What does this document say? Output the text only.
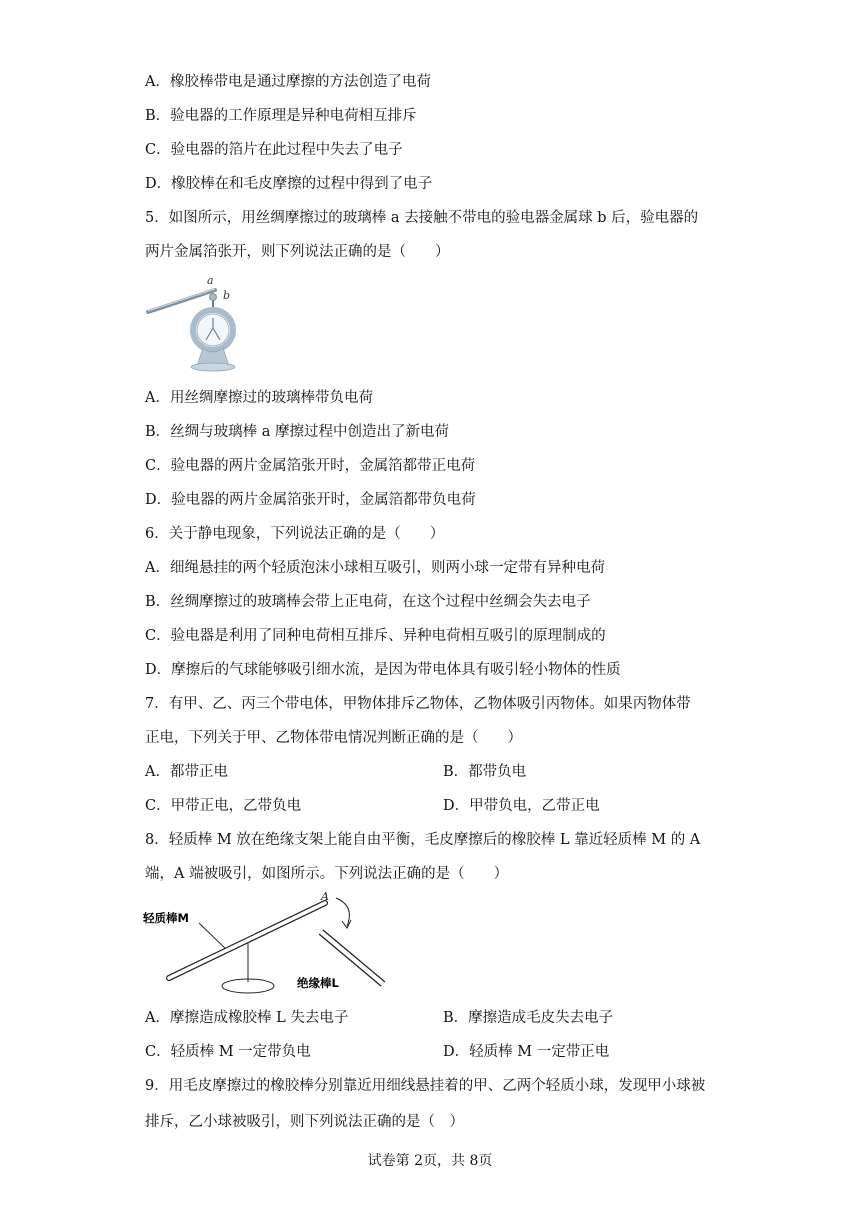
A．橡胶棒带电是通过摩擦的方法创造了电荷
B．验电器的工作原理是异种电荷相互排斥
C．验电器的箔片在此过程中失去了电子
D．橡胶棒在和毛皮摩擦的过程中得到了电子
5．如图所示，用丝绸摩擦过的玻璃棒 a 去接触不带电的验电器金属球 b 后，验电器的
两片金属箔张开，则下列说法正确的是（　　）
a
b
A．用丝绸摩擦过的玻璃棒带负电荷
B．丝绸与玻璃棒 a 摩擦过程中创造出了新电荷
C．验电器的两片金属箔张开时，金属箔都带正电荷
D．验电器的两片金属箔张开时，金属箔都带负电荷
6．关于静电现象，下列说法正确的是（　　）
A．细绳悬挂的两个轻质泡沫小球相互吸引，则两小球一定带有异种电荷
B．丝绸摩擦过的玻璃棒会带上正电荷，在这个过程中丝绸会失去电子
C．验电器是利用了同种电荷相互排斥、异种电荷相互吸引的原理制成的
D．摩擦后的气球能够吸引细水流，是因为带电体具有吸引轻小物体的性质
7．有甲、乙、丙三个带电体，甲物体排斥乙物体，乙物体吸引丙物体。如果丙物体带
正电，下列关于甲、乙物体带电情况判断正确的是（　　）
A．都带正电	B．都带负电
C．甲带正电，乙带负电	D．甲带负电，乙带正电
8．轻质棒 M 放在绝缘支架上能自由平衡，毛皮摩擦后的橡胶棒 L 靠近轻质棒 M 的 A
端，A 端被吸引，如图所示。下列说法正确的是（　　）
轻质棒M
A
绝缘棒L
A．摩擦造成橡胶棒 L 失去电子	B．摩擦造成毛皮失去电子
C．轻质棒 M 一定带负电	D．轻质棒 M 一定带正电
9．用毛皮摩擦过的橡胶棒分别靠近用细线悬挂着的甲、乙两个轻质小球，发现甲小球被
排斥，乙小球被吸引，则下列说法正确的是（　）
试卷第 2页，共 8页
